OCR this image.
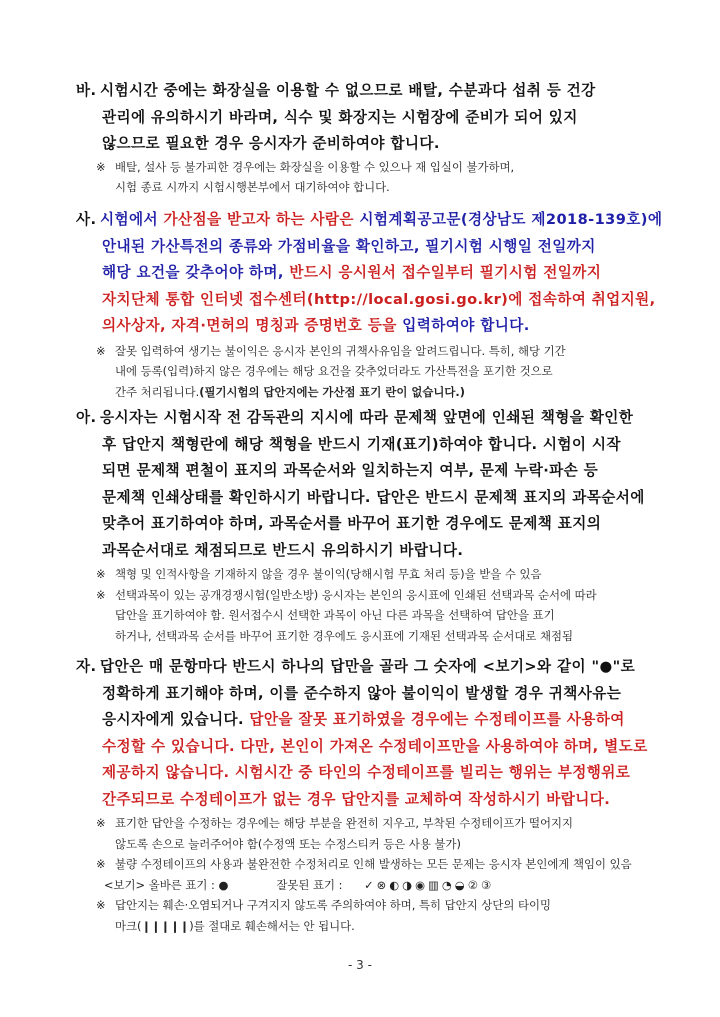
바. 시험시간 중에는 화장실을 이용할 수 없으므로 배탈, 수분과다 섭취 등 건강
관리에 유의하시기 바라며, 식수 및 화장지는 시험장에 준비가 되어 있지
않으므로 필요한 경우 응시자가 준비하여야 합니다.
※ 배탈, 설사 등 불가피한 경우에는 화장실을 이용할 수 있으나 재 입실이 불가하며,
시험 종료 시까지 시험시행본부에서 대기하여야 합니다.
사. 시험에서 가산점을 받고자 하는 사람은 시험계획공고문(경상남도 제2018-139호)에
안내된 가산특전의 종류와 가점비율을 확인하고, 필기시험 시행일 전일까지
해당 요건을 갖추어야 하며, 반드시 응시원서 접수일부터 필기시험 전일까지
자치단체 통합 인터넷 접수센터(http://local.gosi.go.kr)에 접속하여 취업지원,
의사상자, 자격·면허의 명칭과 증명번호 등을 입력하여야 합니다.
※ 잘못 입력하여 생기는 불이익은 응시자 본인의 귀책사유임을 알려드립니다. 특히, 해당 기간
내에 등록(입력)하지 않은 경우에는 해당 요건을 갖추었더라도 가산특전을 포기한 것으로
간주 처리됩니다.(필기시험의 답안지에는 가산점 표기 란이 없습니다.)
아. 응시자는 시험시작 전 감독관의 지시에 따라 문제책 앞면에 인쇄된 책형을 확인한
후 답안지 책형란에 해당 책형을 반드시 기재(표기)하여야 합니다. 시험이 시작
되면 문제책 편철이 표지의 과목순서와 일치하는지 여부, 문제 누락·파손 등
문제책 인쇄상태를 확인하시기 바랍니다. 답안은 반드시 문제책 표지의 과목순서에
맞추어 표기하여야 하며, 과목순서를 바꾸어 표기한 경우에도 문제책 표지의
과목순서대로 채점되므로 반드시 유의하시기 바랍니다.
※ 책형 및 인적사항을 기재하지 않을 경우 불이익(당해시험 무효 처리 등)을 받을 수 있음
※ 선택과목이 있는 공개경쟁시험(일반소방) 응시자는 본인의 응시표에 인쇄된 선택과목 순서에 따라
답안을 표기하여야 함. 원서접수시 선택한 과목이 아닌 다른 과목을 선택하여 답안을 표기
하거나, 선택과목 순서를 바꾸어 표기한 경우에도 응시표에 기재된 선택과목 순서대로 채점됨
자. 답안은 매 문항마다 반드시 하나의 답만을 골라 그 숫자에 <보기>와 같이 "●"로
정확하게 표기해야 하며, 이를 준수하지 않아 불이익이 발생할 경우 귀책사유는
응시자에게 있습니다. 답안을 잘못 표기하였을 경우에는 수정테이프를 사용하여
수정할 수 있습니다. 다만, 본인이 가져온 수정테이프만을 사용하여야 하며, 별도로
제공하지 않습니다. 시험시간 중 타인의 수정테이프를 빌리는 행위는 부정행위로
간주되므로 수정테이프가 없는 경우 답안지를 교체하여 작성하시기 바랍니다.
※ 표기한 답안을 수정하는 경우에는 해당 부분을 완전히 지우고, 부착된 수정테이프가 떨어지지
않도록 손으로 눌러주어야 함(수정액 또는 수정스티커 등은 사용 불가)
※ 불량 수정테이프의 사용과 불완전한 수정처리로 인해 발생하는 모든 문제는 응시자 본인에게 책임이 있음
<보기> 올바른 표기 : ●	잘못된 표기 : ✓⊗◐◑◉▥◔◒②③
※ 답안지는 훼손·오염되거나 구겨지지 않도록 주의하여야 하며, 특히 답안지 상단의 타이밍
마크(❙❙❙❙❙)를 절대로 훼손해서는 안 됩니다.
- 3 -
